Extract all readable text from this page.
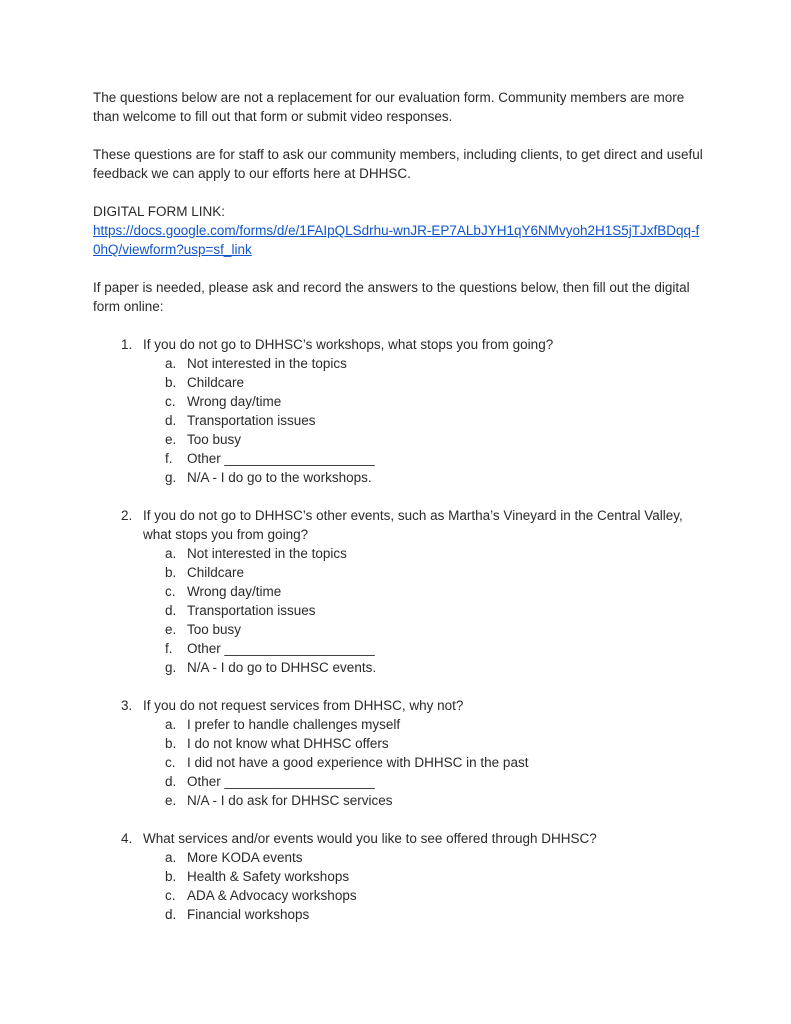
The questions below are not a replacement for our evaluation form. Community members are more than welcome to fill out that form or submit video responses.

These questions are for staff to ask our community members, including clients, to get direct and useful feedback we can apply to our efforts here at DHHSC.

DIGITAL FORM LINK:
https://docs.google.com/forms/d/e/1FAIpQLSdrhu-wnJR-EP7ALbJYH1qY6NMvyoh2H1S5jTJxfBDqq-f0hQ/viewform?usp=sf_link

If paper is needed, please ask and record the answers to the questions below, then fill out the digital form online:

1. If you do not go to DHHSC’s workshops, what stops you from going?
a. Not interested in the topics
b. Childcare
c. Wrong day/time
d. Transportation issues
e. Too busy
f.	Other ____________________
g. N/A - I do go to the workshops.
2. If you do not go to DHHSC’s other events, such as Martha’s Vineyard in the Central Valley, what stops you from going?
a. Not interested in the topics
b. Childcare
c. Wrong day/time
d. Transportation issues
e. Too busy
f.	Other ____________________
g. N/A - I do go to DHHSC events.
3. If you do not request services from DHHSC, why not?
a. I prefer to handle challenges myself
b. I do not know what DHHSC offers
c. I did not have a good experience with DHHSC in the past
d. Other ____________________
e. N/A - I do ask for DHHSC services
4. What services and/or events would you like to see offered through DHHSC?
a. More KODA events
b. Health & Safety workshops
c. ADA & Advocacy workshops
d. Financial workshops
